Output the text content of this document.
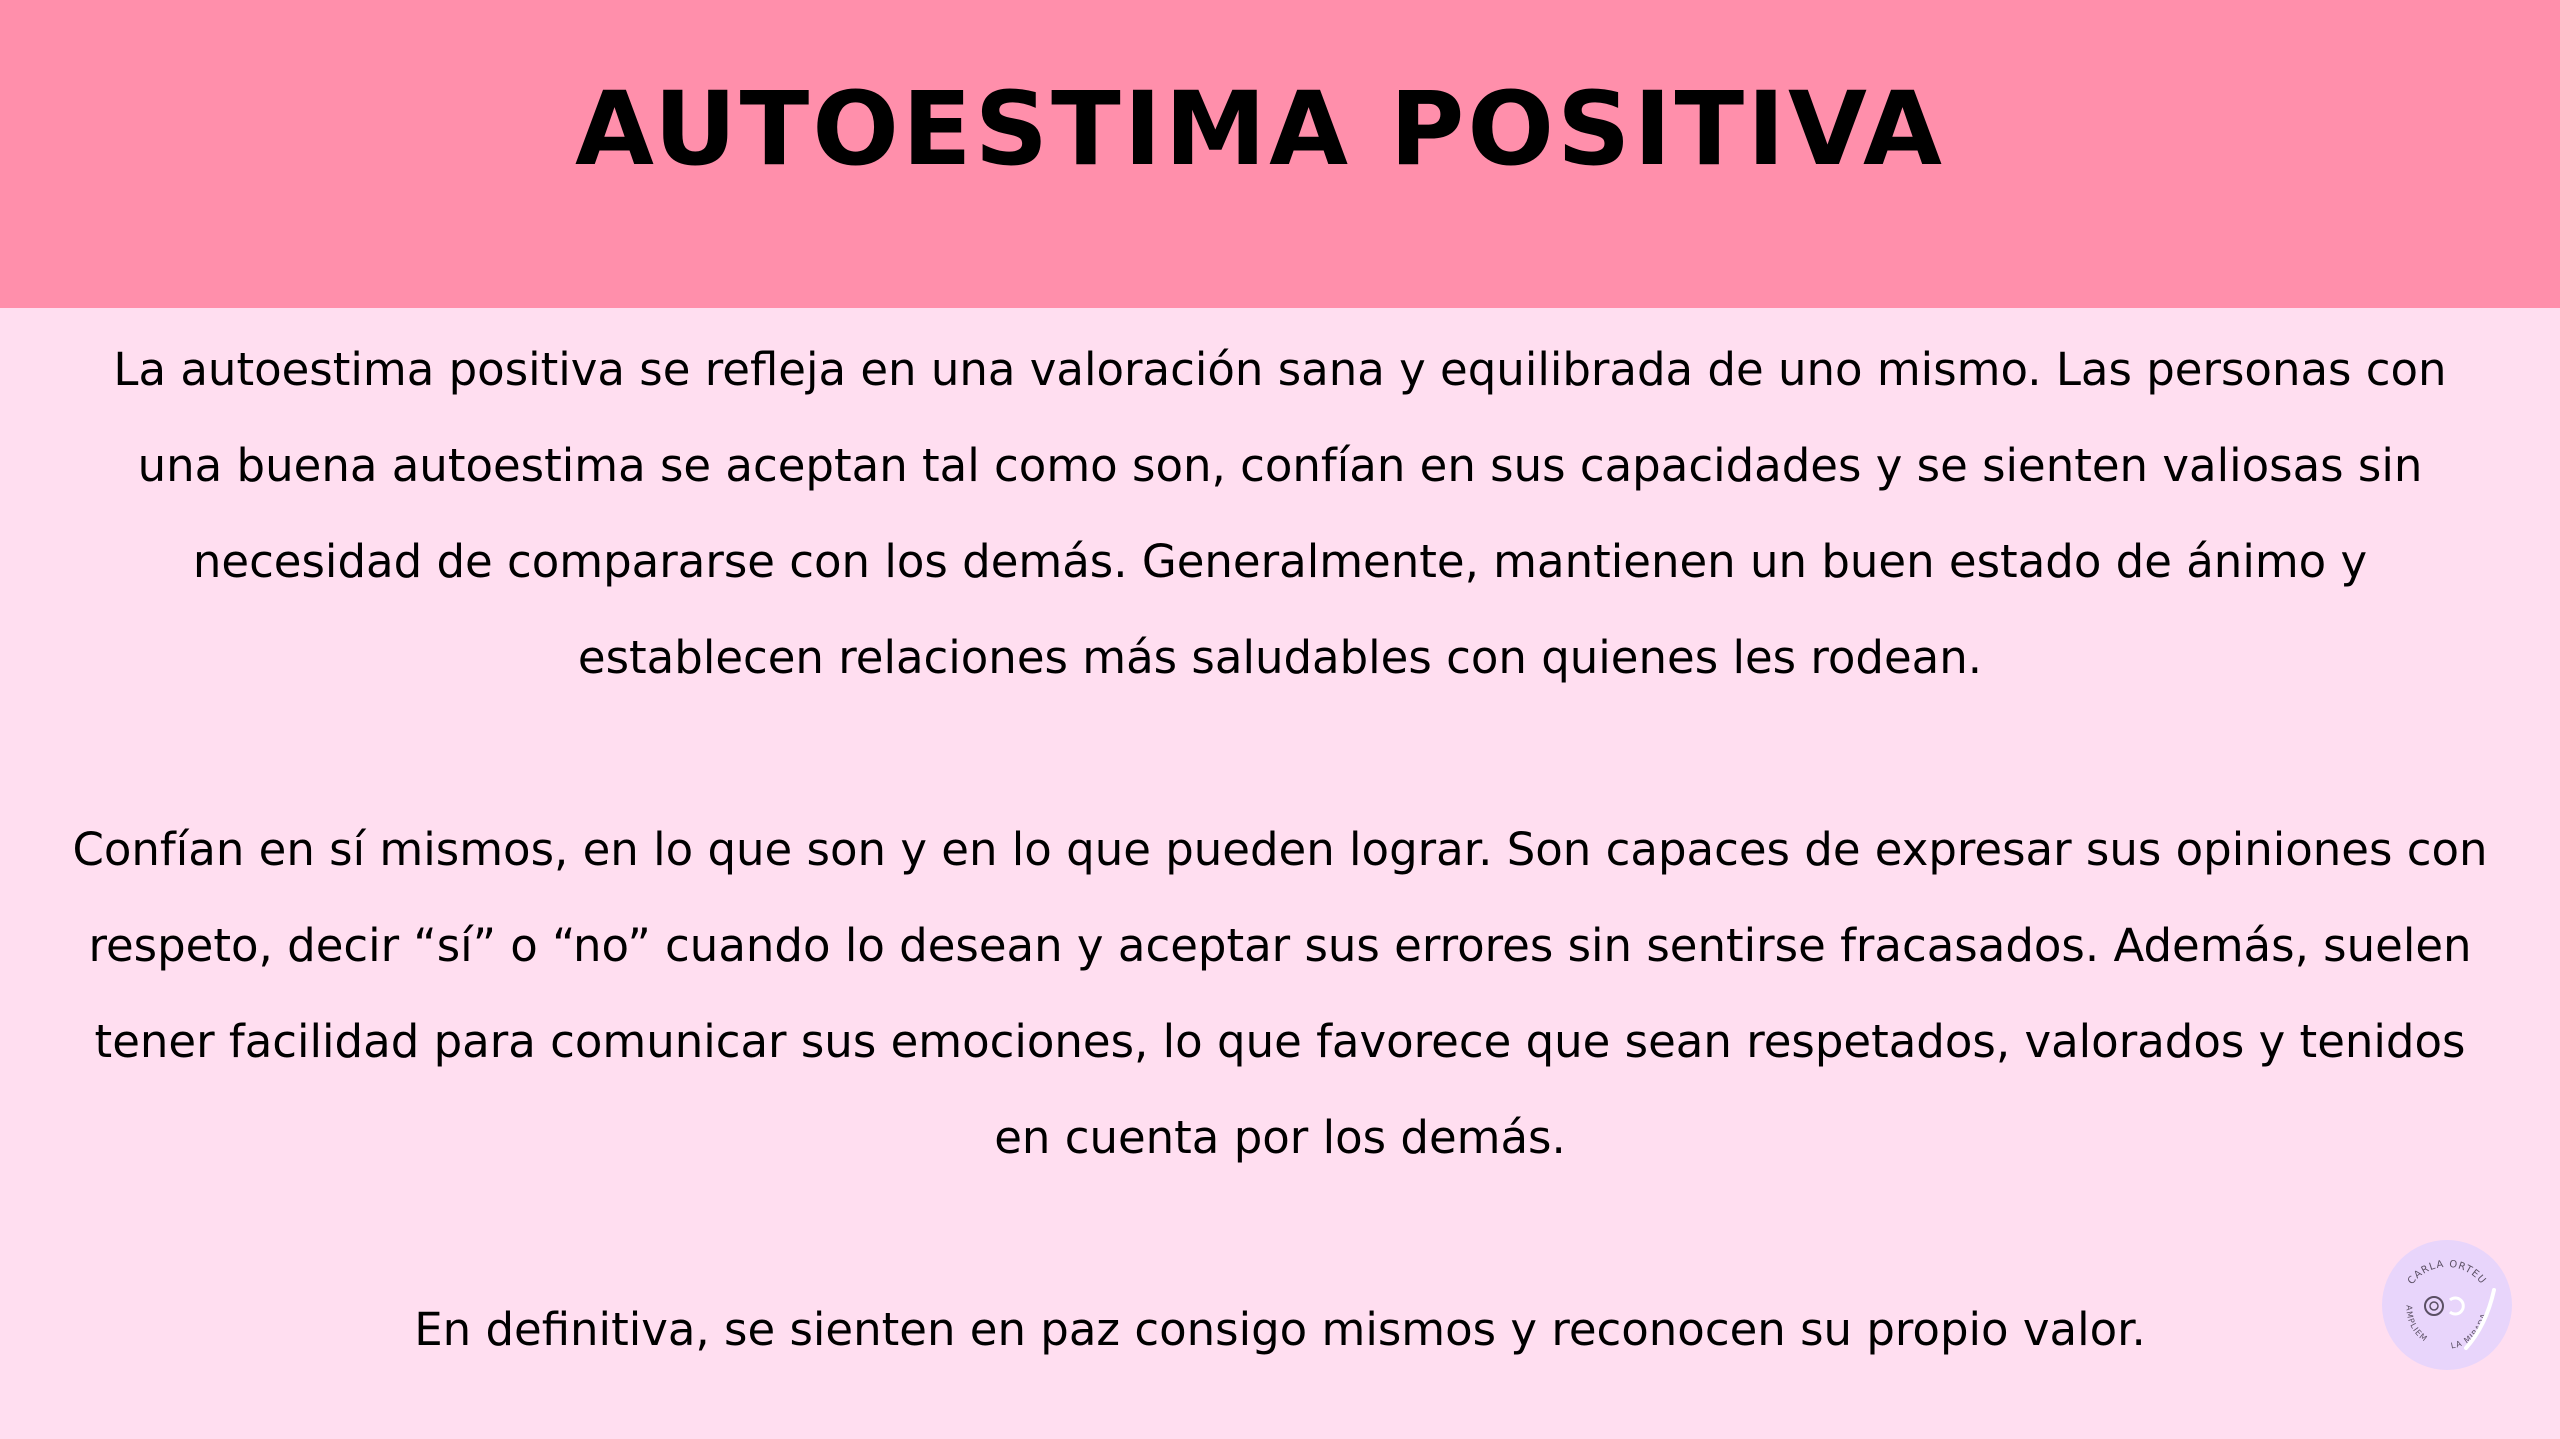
AUTOESTIMA POSITIVA

La autoestima positiva se refleja en una valoración sana y equilibrada de uno mismo. Las personas con una buena autoestima se aceptan tal como son, confían en sus capacidades y se sienten valiosas sin necesidad de compararse con los demás. Generalmente, mantienen un buen estado de ánimo y establecen relaciones más saludables con quienes les rodean.

Confían en sí mismos, en lo que son y en lo que pueden lograr. Son capaces de expresar sus opiniones con respeto, decir “sí” o “no” cuando lo desean y aceptar sus errores sin sentirse fracasados. Además, suelen tener facilidad para comunicar sus emociones, lo que favorece que sean respetados, valorados y tenidos en cuenta por los demás.

En definitiva, se sienten en paz consigo mismos y reconocen su propio valor.

CARLA ORTEU
AMPLIEM
LA MIRADA
